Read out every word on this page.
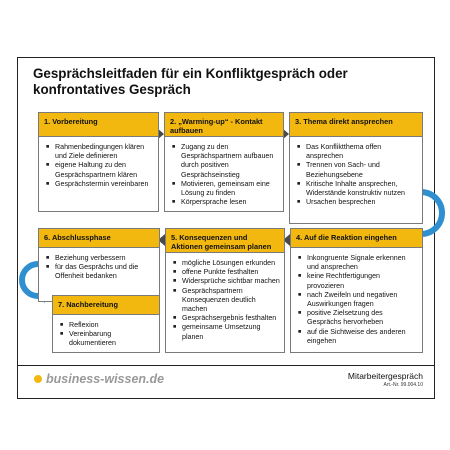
Gesprächsleitfaden für ein Konfliktgespräch oder konfrontatives Gespräch
1. Vorbereitung
■ Rahmenbedingungen klären und Ziele definieren
■ eigene Haltung zu den Gesprächspartnern klären
■ Gesprächstermin vereinbaren
2. „Warming-up“ - Kontakt aufbauen
■ Zugang zu den Gesprächspartnern aufbauen durch positiven Gesprächseinstieg
■ Motivieren, gemeinsam eine Lösung zu finden
■ Körpersprache lesen
3. Thema direkt ansprechen
■ Das Konfliktthema offen ansprechen
■ Trennen von Sach- und Beziehungsebene
■ Kritische Inhalte ansprechen, Widerstände konstruktiv nutzen
■ Ursachen besprechen
6. Abschlussphase
■ Beziehung verbessern
■ für das Gesprächs und die Offenheit bedanken
7. Nachbereitung
■ Reflexion
■ Vereinbarung dokumentieren
5. Konsequenzen und Aktionen gemeinsam planen
■ mögliche Lösungen erkunden
■ offene Punkte festhalten
■ Widersprüche sichtbar machen
■ Gesprächspartnern Konsequenzen deutlich machen
■ Gesprächsergebnis festhalten
■ gemeinsame Umsetzung planen
4. Auf die Reaktion eingehen
■ Inkongruente Signale erkennen und ansprechen
■ keine Rechtfertigungen provozieren
■ nach Zweifeln und negativen Auswirkungen fragen
■ positive Zielsetzung des Gesprächs hervorheben
■ auf die Sichtweise des anderen eingehen
business-wissen.de	Mitarbeitergespräch
Art.-Nr. 99.004.10
